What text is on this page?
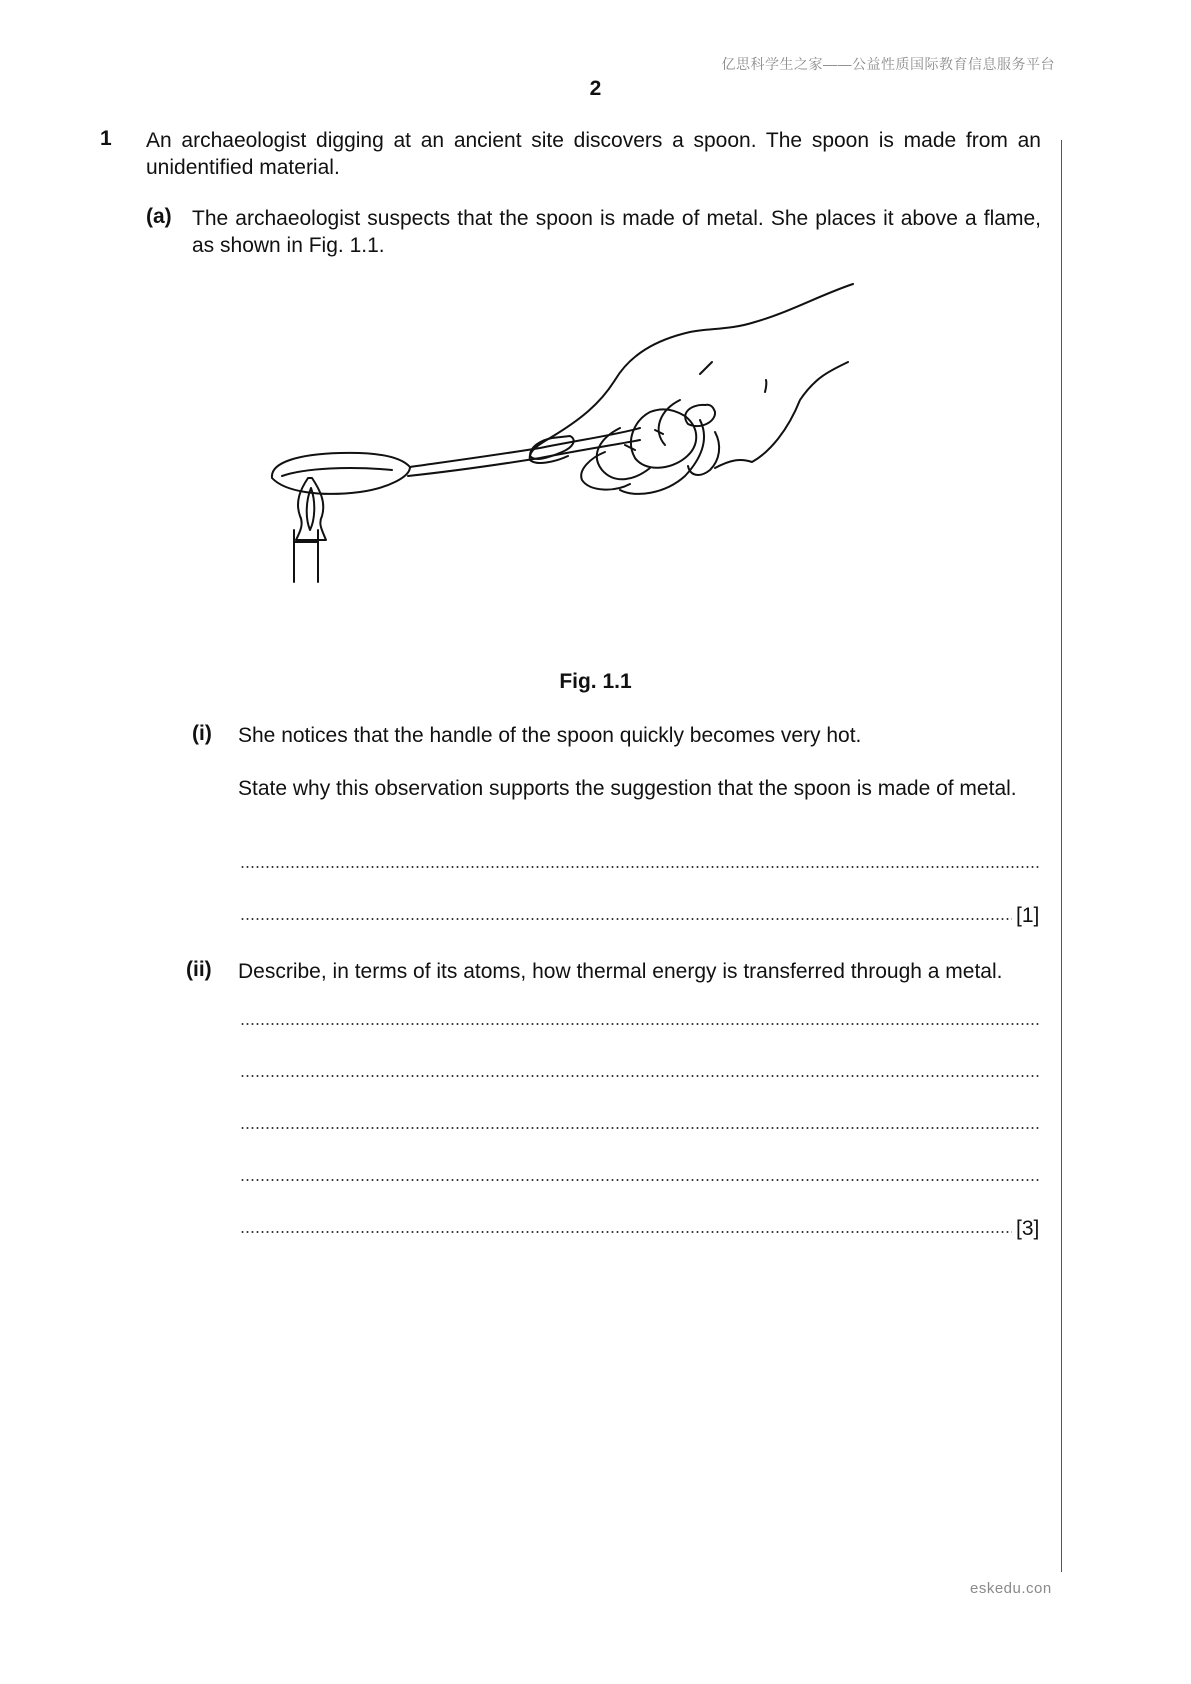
亿思科学生之家——公益性质国际教育信息服务平台
2
1 An archaeologist digging at an ancient site discovers a spoon. The spoon is made from an unidentified material.
(a) The archaeologist suspects that the spoon is made of metal. She places it above a flame, as shown in Fig. 1.1.
Fig. 1.1
(i) She notices that the handle of the spoon quickly becomes very hot.
State why this observation supports the suggestion that the spoon is made of metal.
[1]
(ii) Describe, in terms of its atoms, how thermal energy is transferred through a metal.
[3]
eskedu.con
